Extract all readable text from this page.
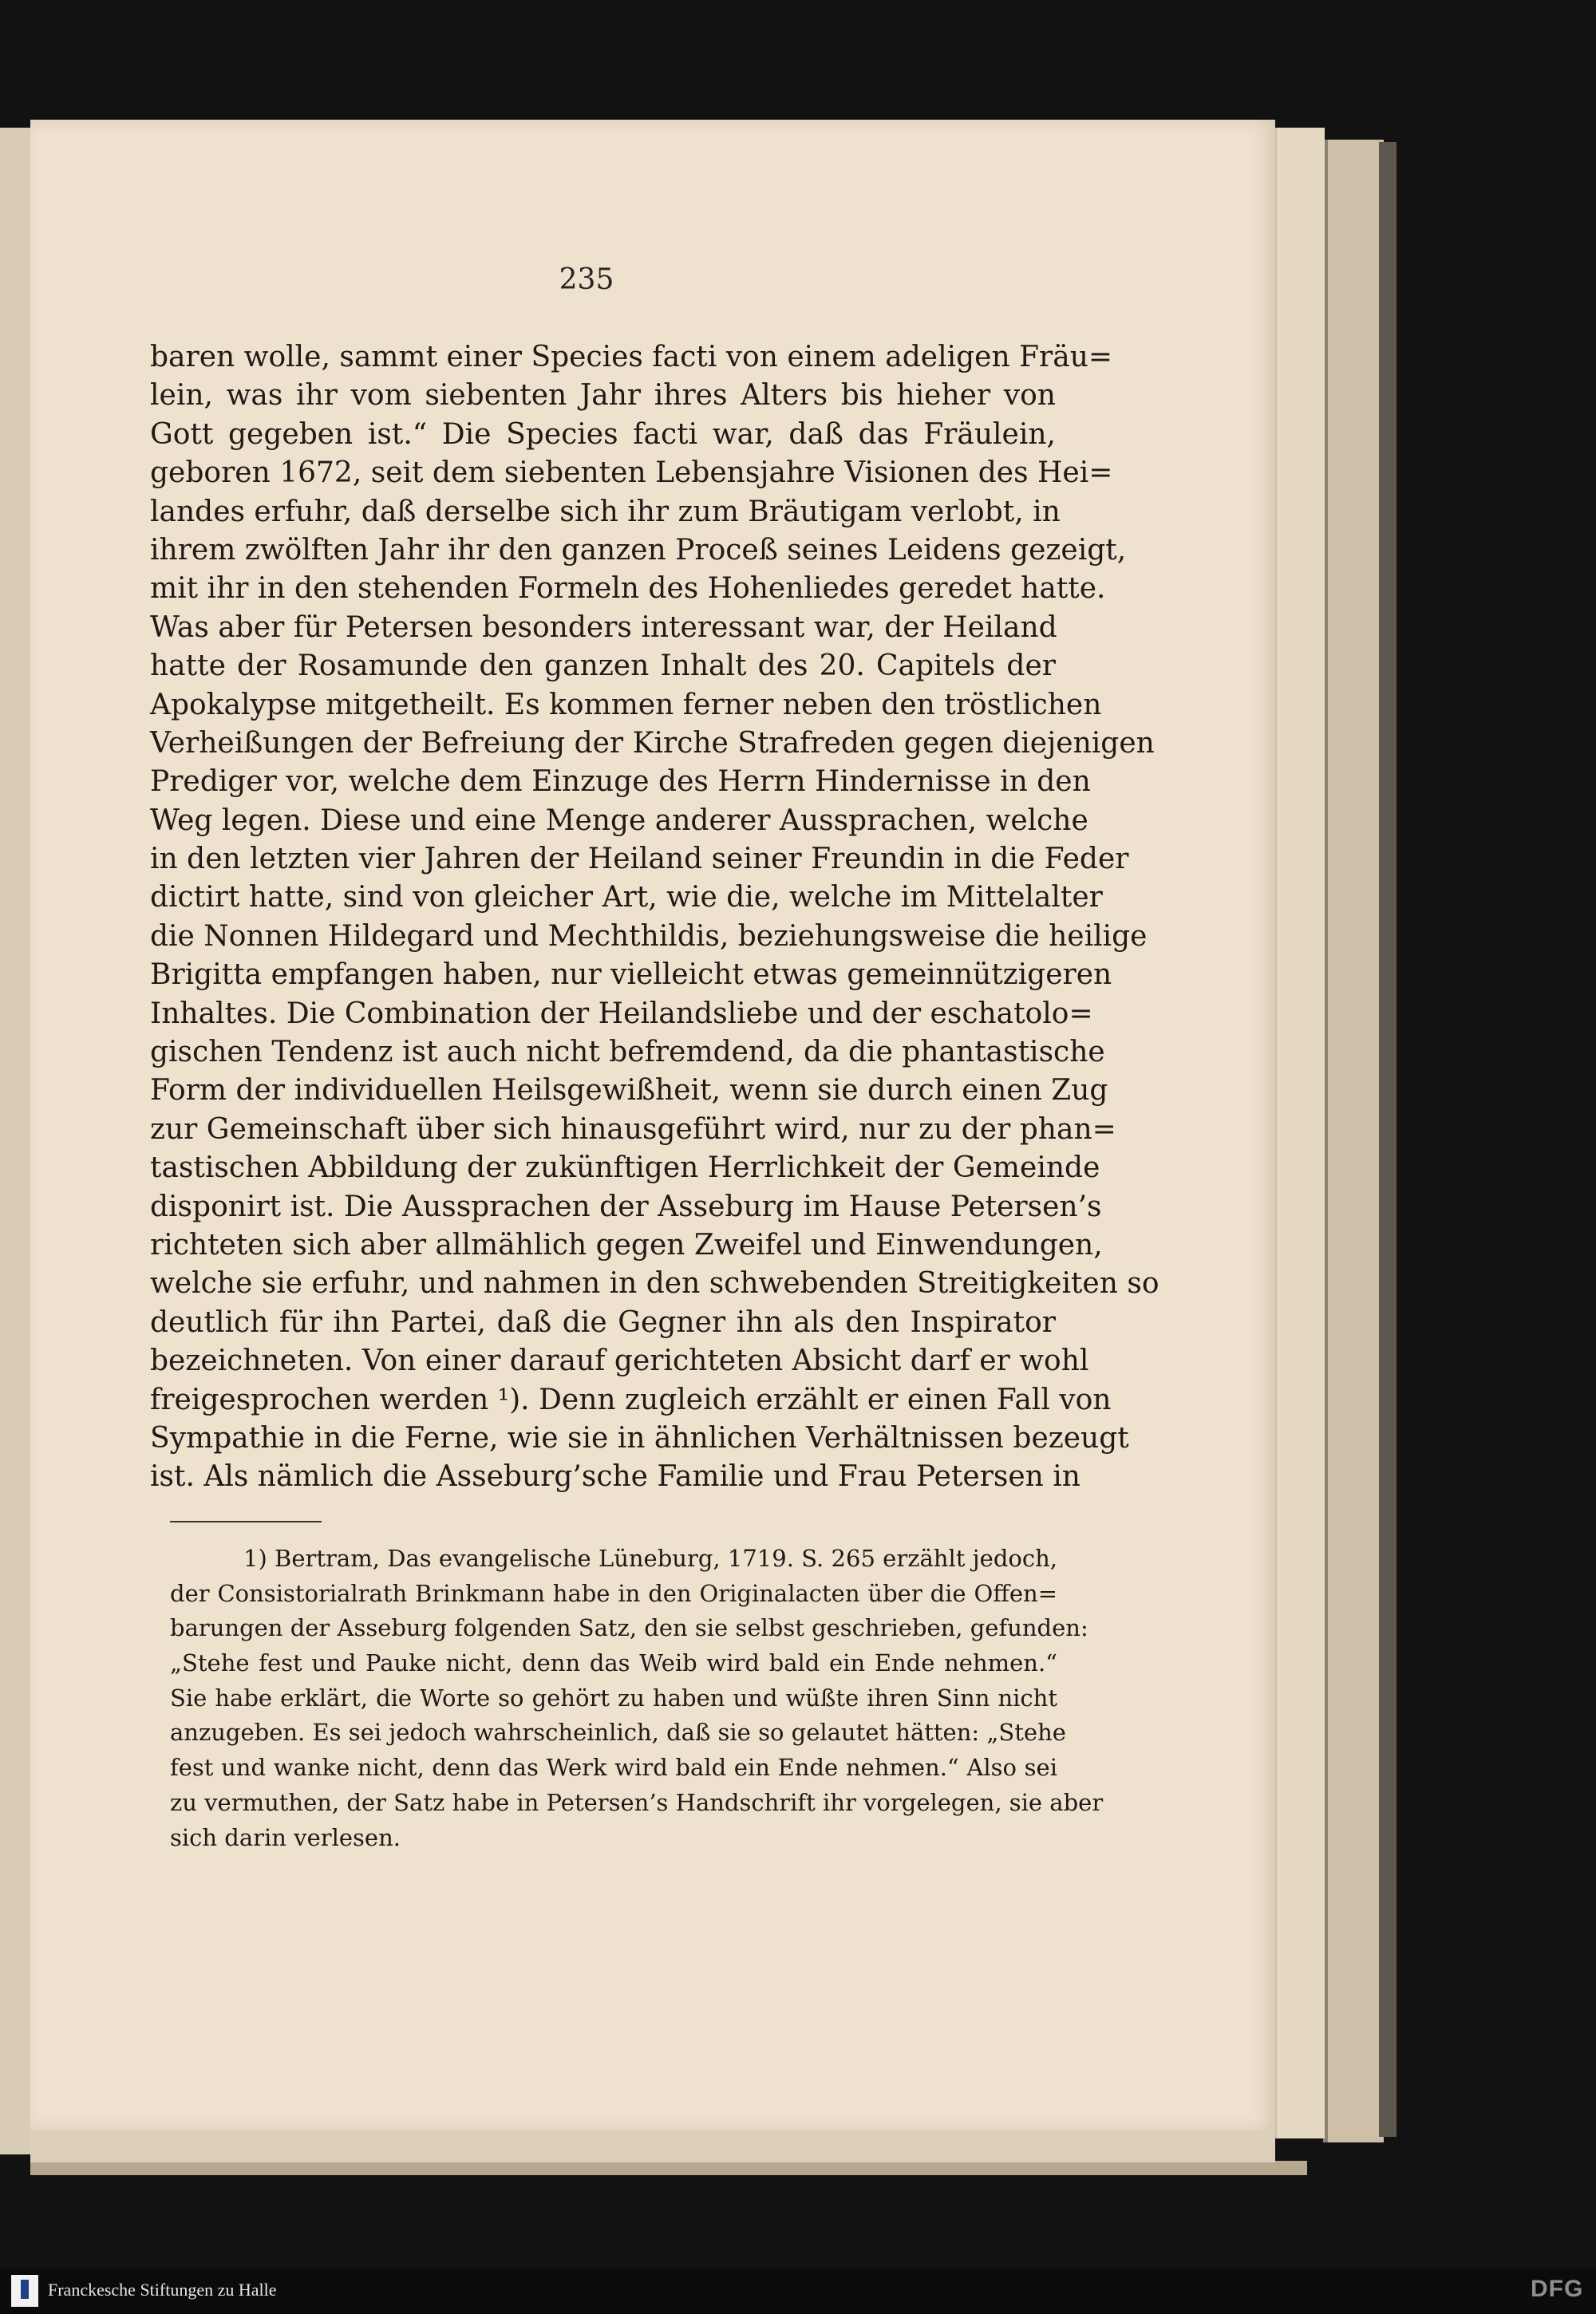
235
baren wolle, sammt einer Species facti von einem adeligen Fräu=
lein, was ihr vom siebenten Jahr ihres Alters bis hieher von
Gott gegeben ist.“ Die Species facti war, daß das Fräulein,
geboren 1672, seit dem siebenten Lebensjahre Visionen des Hei=
landes erfuhr, daß derselbe sich ihr zum Bräutigam verlobt, in
ihrem zwölften Jahr ihr den ganzen Proceß seines Leidens gezeigt,
mit ihr in den stehenden Formeln des Hohenliedes geredet hatte.
Was aber für Petersen besonders interessant war, der Heiland
hatte der Rosamunde den ganzen Inhalt des 20. Capitels der
Apokalypse mitgetheilt. Es kommen ferner neben den tröstlichen
Verheißungen der Befreiung der Kirche Strafreden gegen diejenigen
Prediger vor, welche dem Einzuge des Herrn Hindernisse in den
Weg legen. Diese und eine Menge anderer Aussprachen, welche
in den letzten vier Jahren der Heiland seiner Freundin in die Feder
dictirt hatte, sind von gleicher Art, wie die, welche im Mittelalter
die Nonnen Hildegard und Mechthildis, beziehungsweise die heilige
Brigitta empfangen haben, nur vielleicht etwas gemeinnützigeren
Inhaltes. Die Combination der Heilandsliebe und der eschatolo=
gischen Tendenz ist auch nicht befremdend, da die phantastische
Form der individuellen Heilsgewißheit, wenn sie durch einen Zug
zur Gemeinschaft über sich hinausgeführt wird, nur zu der phan=
tastischen Abbildung der zukünftigen Herrlichkeit der Gemeinde
disponirt ist. Die Aussprachen der Asseburg im Hause Petersen’s
richteten sich aber allmählich gegen Zweifel und Einwendungen,
welche sie erfuhr, und nahmen in den schwebenden Streitigkeiten so
deutlich für ihn Partei, daß die Gegner ihn als den Inspirator
bezeichneten. Von einer darauf gerichteten Absicht darf er wohl
freigesprochen werden ¹). Denn zugleich erzählt er einen Fall von
Sympathie in die Ferne, wie sie in ähnlichen Verhältnissen bezeugt
ist. Als nämlich die Asseburg’sche Familie und Frau Petersen in
1) Bertram, Das evangelische Lüneburg, 1719. S. 265 erzählt jedoch,
der Consistorialrath Brinkmann habe in den Originalacten über die Offen=
barungen der Asseburg folgenden Satz, den sie selbst geschrieben, gefunden:
„Stehe fest und Pauke nicht, denn das Weib wird bald ein Ende nehmen.“
Sie habe erklärt, die Worte so gehört zu haben und wüßte ihren Sinn nicht
anzugeben. Es sei jedoch wahrscheinlich, daß sie so gelautet hätten: „Stehe
fest und wanke nicht, denn das Werk wird bald ein Ende nehmen.“ Also sei
zu vermuthen, der Satz habe in Petersen’s Handschrift ihr vorgelegen, sie aber
sich darin verlesen.
Franckesche Stiftungen zu Halle	DFG
